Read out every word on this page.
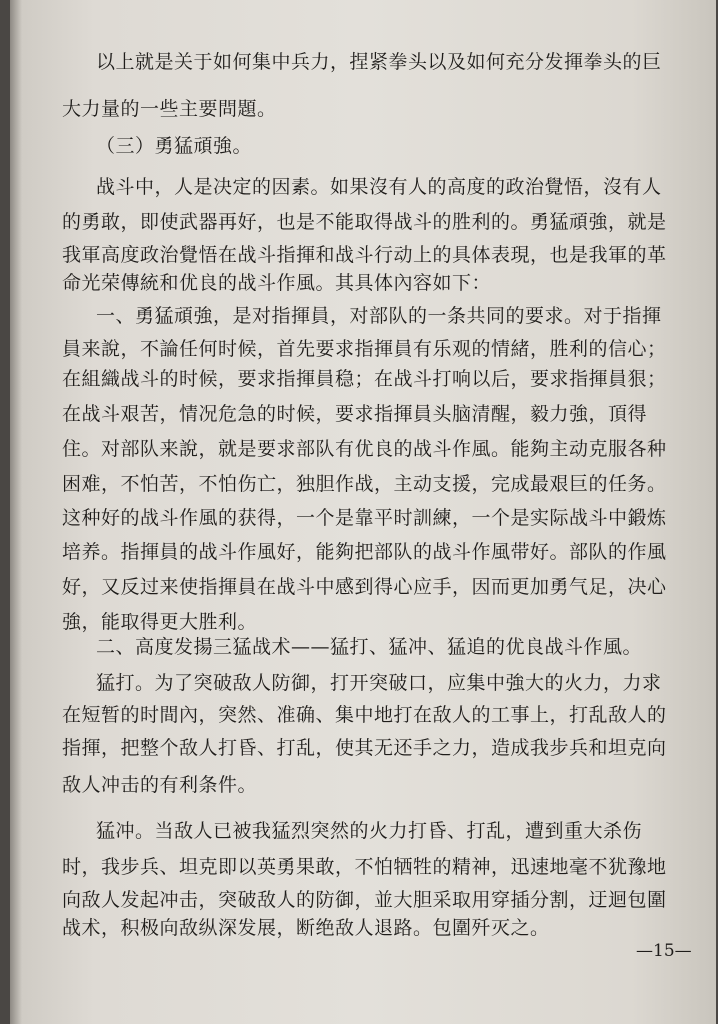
以上就是关于如何集中兵力，捏紧拳头以及如何充分发揮拳头的巨
大力量的一些主要問題。
（三）勇猛頑強。
战斗中，人是决定的因素。如果沒有人的高度的政治覺悟，沒有人
的勇敢，即使武器再好，也是不能取得战斗的胜利的。勇猛頑強，就是
我軍高度政治覺悟在战斗指揮和战斗行动上的具体表現，也是我軍的革
命光荣傳統和优良的战斗作風。其具体內容如下：
一、勇猛頑強，是对指揮員，对部队的一条共同的要求。对于指揮
員来說，不論任何时候，首先要求指揮員有乐观的情緒，胜利的信心；
在組織战斗的时候，要求指揮員稳；在战斗打响以后，要求指揮員狠；
在战斗艰苦，情况危急的时候，要求指揮員头脑清醒，毅力強，頂得
住。对部队来說，就是要求部队有优良的战斗作風。能夠主动克服各种
困难，不怕苦，不怕伤亡，独胆作战，主动支援，完成最艰巨的任务。
这种好的战斗作風的获得，一个是靠平时訓練，一个是实际战斗中鍛炼
培养。指揮員的战斗作風好，能夠把部队的战斗作風带好。部队的作風
好，又反过来使指揮員在战斗中感到得心应手，因而更加勇气足，决心
強，能取得更大胜利。
二、高度发揚三猛战术——猛打、猛冲、猛追的优良战斗作風。
猛打。为了突破敌人防御，打开突破口，应集中強大的火力，力求
在短暂的时間內，突然、准确、集中地打在敌人的工事上，打乱敌人的
指揮，把整个敌人打昏、打乱，使其无还手之力，造成我步兵和坦克向
敌人冲击的有利条件。
猛冲。当敌人已被我猛烈突然的火力打昏、打乱，遭到重大杀伤
时，我步兵、坦克即以英勇果敢，不怕牺牲的精神，迅速地毫不犹豫地
向敌人发起冲击，突破敌人的防御，並大胆采取用穿插分割，迂迴包圍
战术，积极向敌纵深发展，断绝敌人退路。包圍歼灭之。
—15—
